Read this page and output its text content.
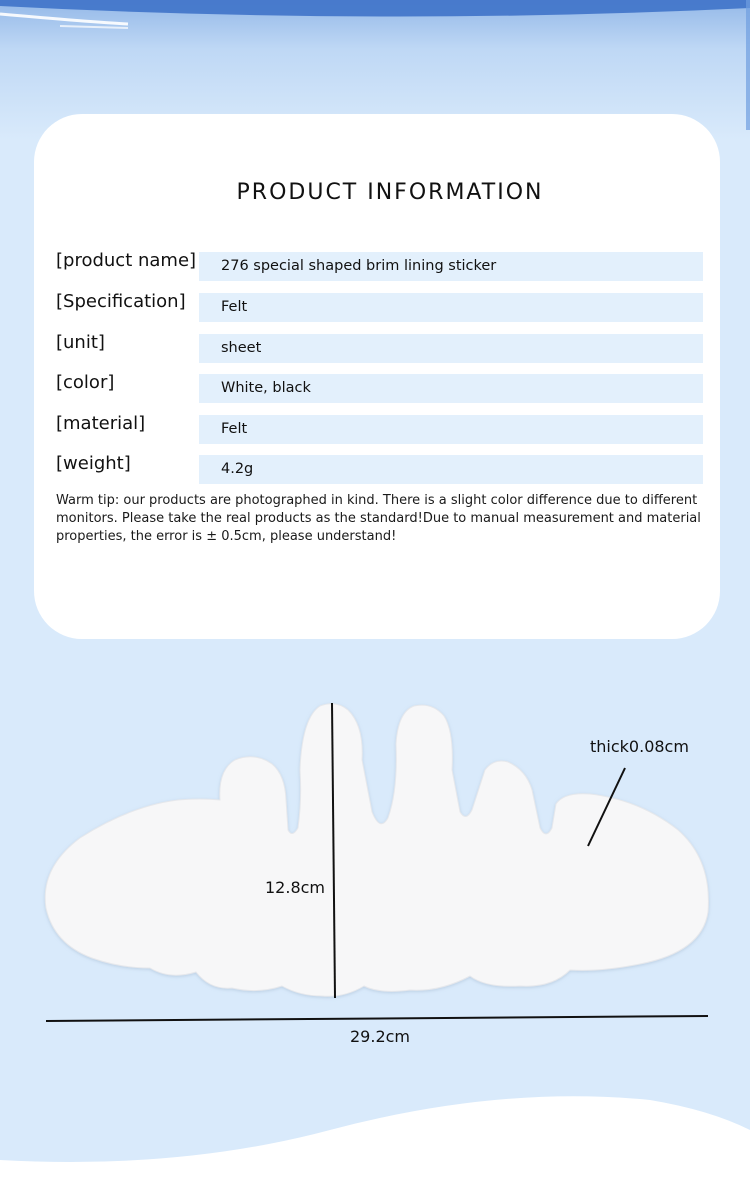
PRODUCT INFORMATION
[product name]	276 special shaped brim lining sticker
[Specification]	Felt
[unit]	sheet
[color]	White, black
[material]	Felt
[weight]	4.2g
Warm tip: our products are photographed in kind. There is a slight color difference due to different monitors. Please take the real products as the standard!Due to manual measurement and material properties, the error is ± 0.5cm, please understand!
12.8cm
29.2cm
thick0.08cm
